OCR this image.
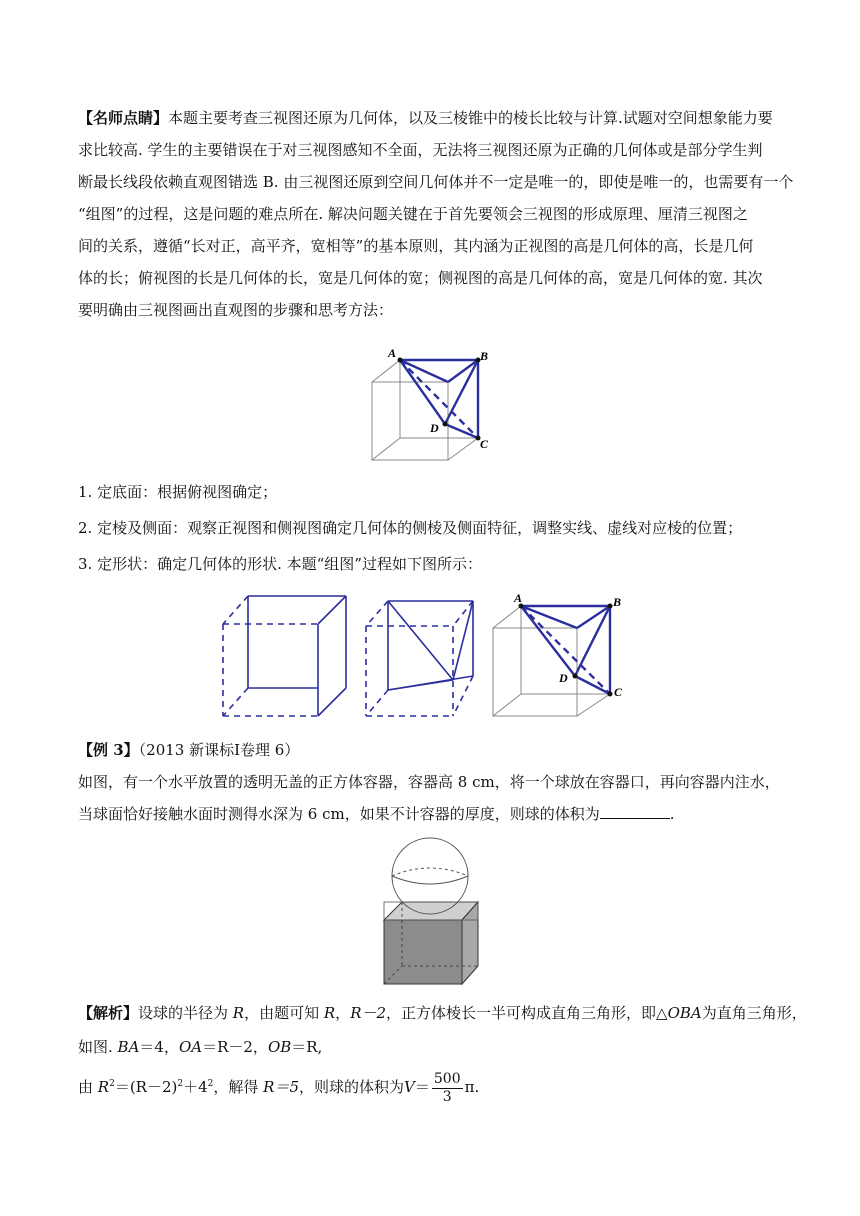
【名师点睛】本题主要考查三视图还原为几何体，以及三棱锥中的棱长比较与计算.试题对空间想象能力要
求比较高. 学生的主要错误在于对三视图感知不全面，无法将三视图还原为正确的几何体或是部分学生判
断最长线段依赖直观图错选 B. 由三视图还原到空间几何体并不一定是唯一的，即使是唯一的，也需要有一个
“组图”的过程，这是问题的难点所在. 解决问题关键在于首先要领会三视图的形成原理、厘清三视图之
间的关系，遵循“长对正，高平齐，宽相等”的基本原则，其内涵为正视图的高是几何体的高，长是几何
体的长；俯视图的长是几何体的长，宽是几何体的宽；侧视图的高是几何体的高，宽是几何体的宽. 其次
要明确由三视图画出直观图的步骤和思考方法：

A	B
D
C

1. 定底面：根据俯视图确定；
2. 定棱及侧面：观察正视图和侧视图确定几何体的侧棱及侧面特征，调整实线、虚线对应棱的位置；
3. 定形状：确定几何体的形状. 本题“组图”过程如下图所示：

A	B
D
C

【例 3】（2013 新课标Ⅰ卷理 6）
如图，有一个水平放置的透明无盖的正方体容器，容器高 8 cm，将一个球放在容器口，再向容器内注水，
当球面恰好接触水面时测得水深为 6 cm，如果不计容器的厚度，则球的体积为	.

【解析】设球的半径为 R，由题可知 R，R－2，正方体棱长一半可构成直角三角形，即△OBA为直角三角形，
如图. BA＝4，OA＝R－2，OB＝R,
由 $R^2=(R-2)^2+4^2$，解得 R＝5，则球的体积为$V= \frac{500}{3} \pi$.
